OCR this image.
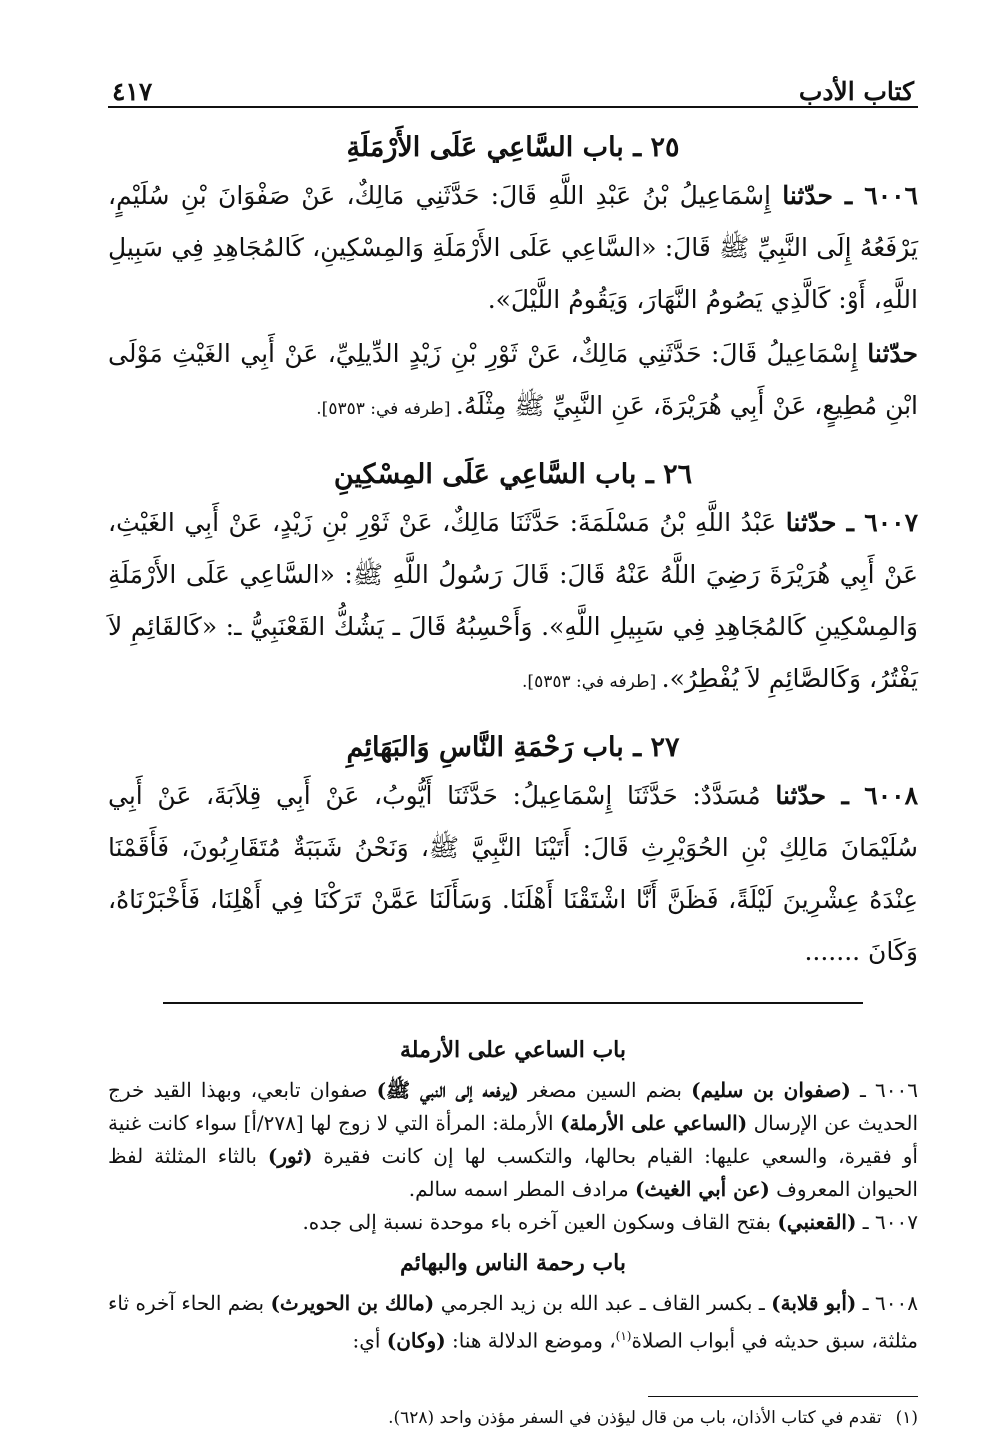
كتاب الأدب
٤١٧
٢٥ ـ باب السَّاعِي عَلَى الأَرْمَلَةِ

٦٠٠٦ ـ حدّثنا إِسْمَاعِيلُ بْنُ عَبْدِ اللَّهِ قَالَ: حَدَّثَنِي مَالِكٌ، عَنْ صَفْوَانَ بْنِ سُلَيْمٍ، يَرْفَعُهُ إِلَى النَّبِيِّ ﷺ قَالَ: «السَّاعِي عَلَى الأَرْمَلَةِ وَالمِسْكِينِ، كَالمُجَاهِدِ فِي سَبِيلِ اللَّهِ، أَوْ: كَالَّذِي يَصُومُ النَّهَارَ، وَيَقُومُ اللَّيْلَ».

حدّثنا إِسْمَاعِيلُ قَالَ: حَدَّثَنِي مَالِكٌ، عَنْ ثَوْرِ بْنِ زَيْدٍ الدِّيلِيِّ، عَنْ أَبِي الغَيْثِ مَوْلَى ابْنِ مُطِيعٍ، عَنْ أَبِي هُرَيْرَةَ، عَنِ النَّبِيِّ ﷺ مِثْلَهُ. [طرفه في: ٥٣٥٣].

٢٦ ـ باب السَّاعِي عَلَى المِسْكِينِ

٦٠٠٧ ـ حدّثنا عَبْدُ اللَّهِ بْنُ مَسْلَمَةَ: حَدَّثَنَا مَالِكٌ، عَنْ ثَوْرِ بْنِ زَيْدٍ، عَنْ أَبِي الغَيْثِ، عَنْ أَبِي هُرَيْرَةَ رَضِيَ اللَّهُ عَنْهُ قَالَ: قَالَ رَسُولُ اللَّهِ ﷺ: «السَّاعِي عَلَى الأَرْمَلَةِ وَالمِسْكِينِ كَالمُجَاهِدِ فِي سَبِيلِ اللَّهِ». وَأَحْسِبُهُ قَالَ ـ يَشُكُّ القَعْنَبِيُّ ـ: «كَالقَائِمِ لاَ يَفْتُرُ، وَكَالصَّائِمِ لاَ يُفْطِرُ». [طرفه في: ٥٣٥٣].

٢٧ ـ باب رَحْمَةِ النَّاسِ وَالبَهَائِمِ

٦٠٠٨ ـ حدّثنا مُسَدَّدٌ: حَدَّثَنَا إِسْمَاعِيلُ: حَدَّثَنَا أَيُّوبُ، عَنْ أَبِي قِلاَبَةَ، عَنْ أَبِي سُلَيْمَانَ مَالِكِ بْنِ الحُوَيْرِثِ قَالَ: أَتَيْنَا النَّبِيَّ ﷺ، وَنَحْنُ شَبَبَةٌ مُتَقَارِبُونَ، فَأَقَمْنَا عِنْدَهُ عِشْرِينَ لَيْلَةً، فَظَنَّ أَنَّا اشْتَقْنَا أَهْلَنَا. وَسَأَلَنَا عَمَّنْ تَرَكْنَا فِي أَهْلِنَا، فَأَخْبَرْنَاهُ، وَكَانَ .......

باب الساعي على الأرملة

٦٠٠٦ ـ (صفوان بن سليم) بضم السين مصغر (يرفعه إلى النبي ﷺ) صفوان تابعي، وبهذا القيد خرج الحديث عن الإرسال (الساعي على الأرملة) الأرملة: المرأة التي لا زوج لها [٢٧٨/أ] سواء كانت غنية أو فقيرة، والسعي عليها: القيام بحالها، والتكسب لها إن كانت فقيرة (ثور) بالثاء المثلثة لفظ الحيوان المعروف (عن أبي الغيث) مرادف المطر اسمه سالم.

٦٠٠٧ ـ (القعنبي) بفتح القاف وسكون العين آخره باء موحدة نسبة إلى جده.

باب رحمة الناس والبهائم

٦٠٠٨ ـ (أبو قلابة) ـ بكسر القاف ـ عبد الله بن زيد الجرمي (مالك بن الحويرث) بضم الحاء آخره ثاء مثلثة، سبق حديثه في أبواب الصلاة$^{(١)}$، وموضع الدلالة هنا: (وكان) أي:

(١)تقدم في كتاب الأذان، باب من قال ليؤذن في السفر مؤذن واحد (٦٢٨).
